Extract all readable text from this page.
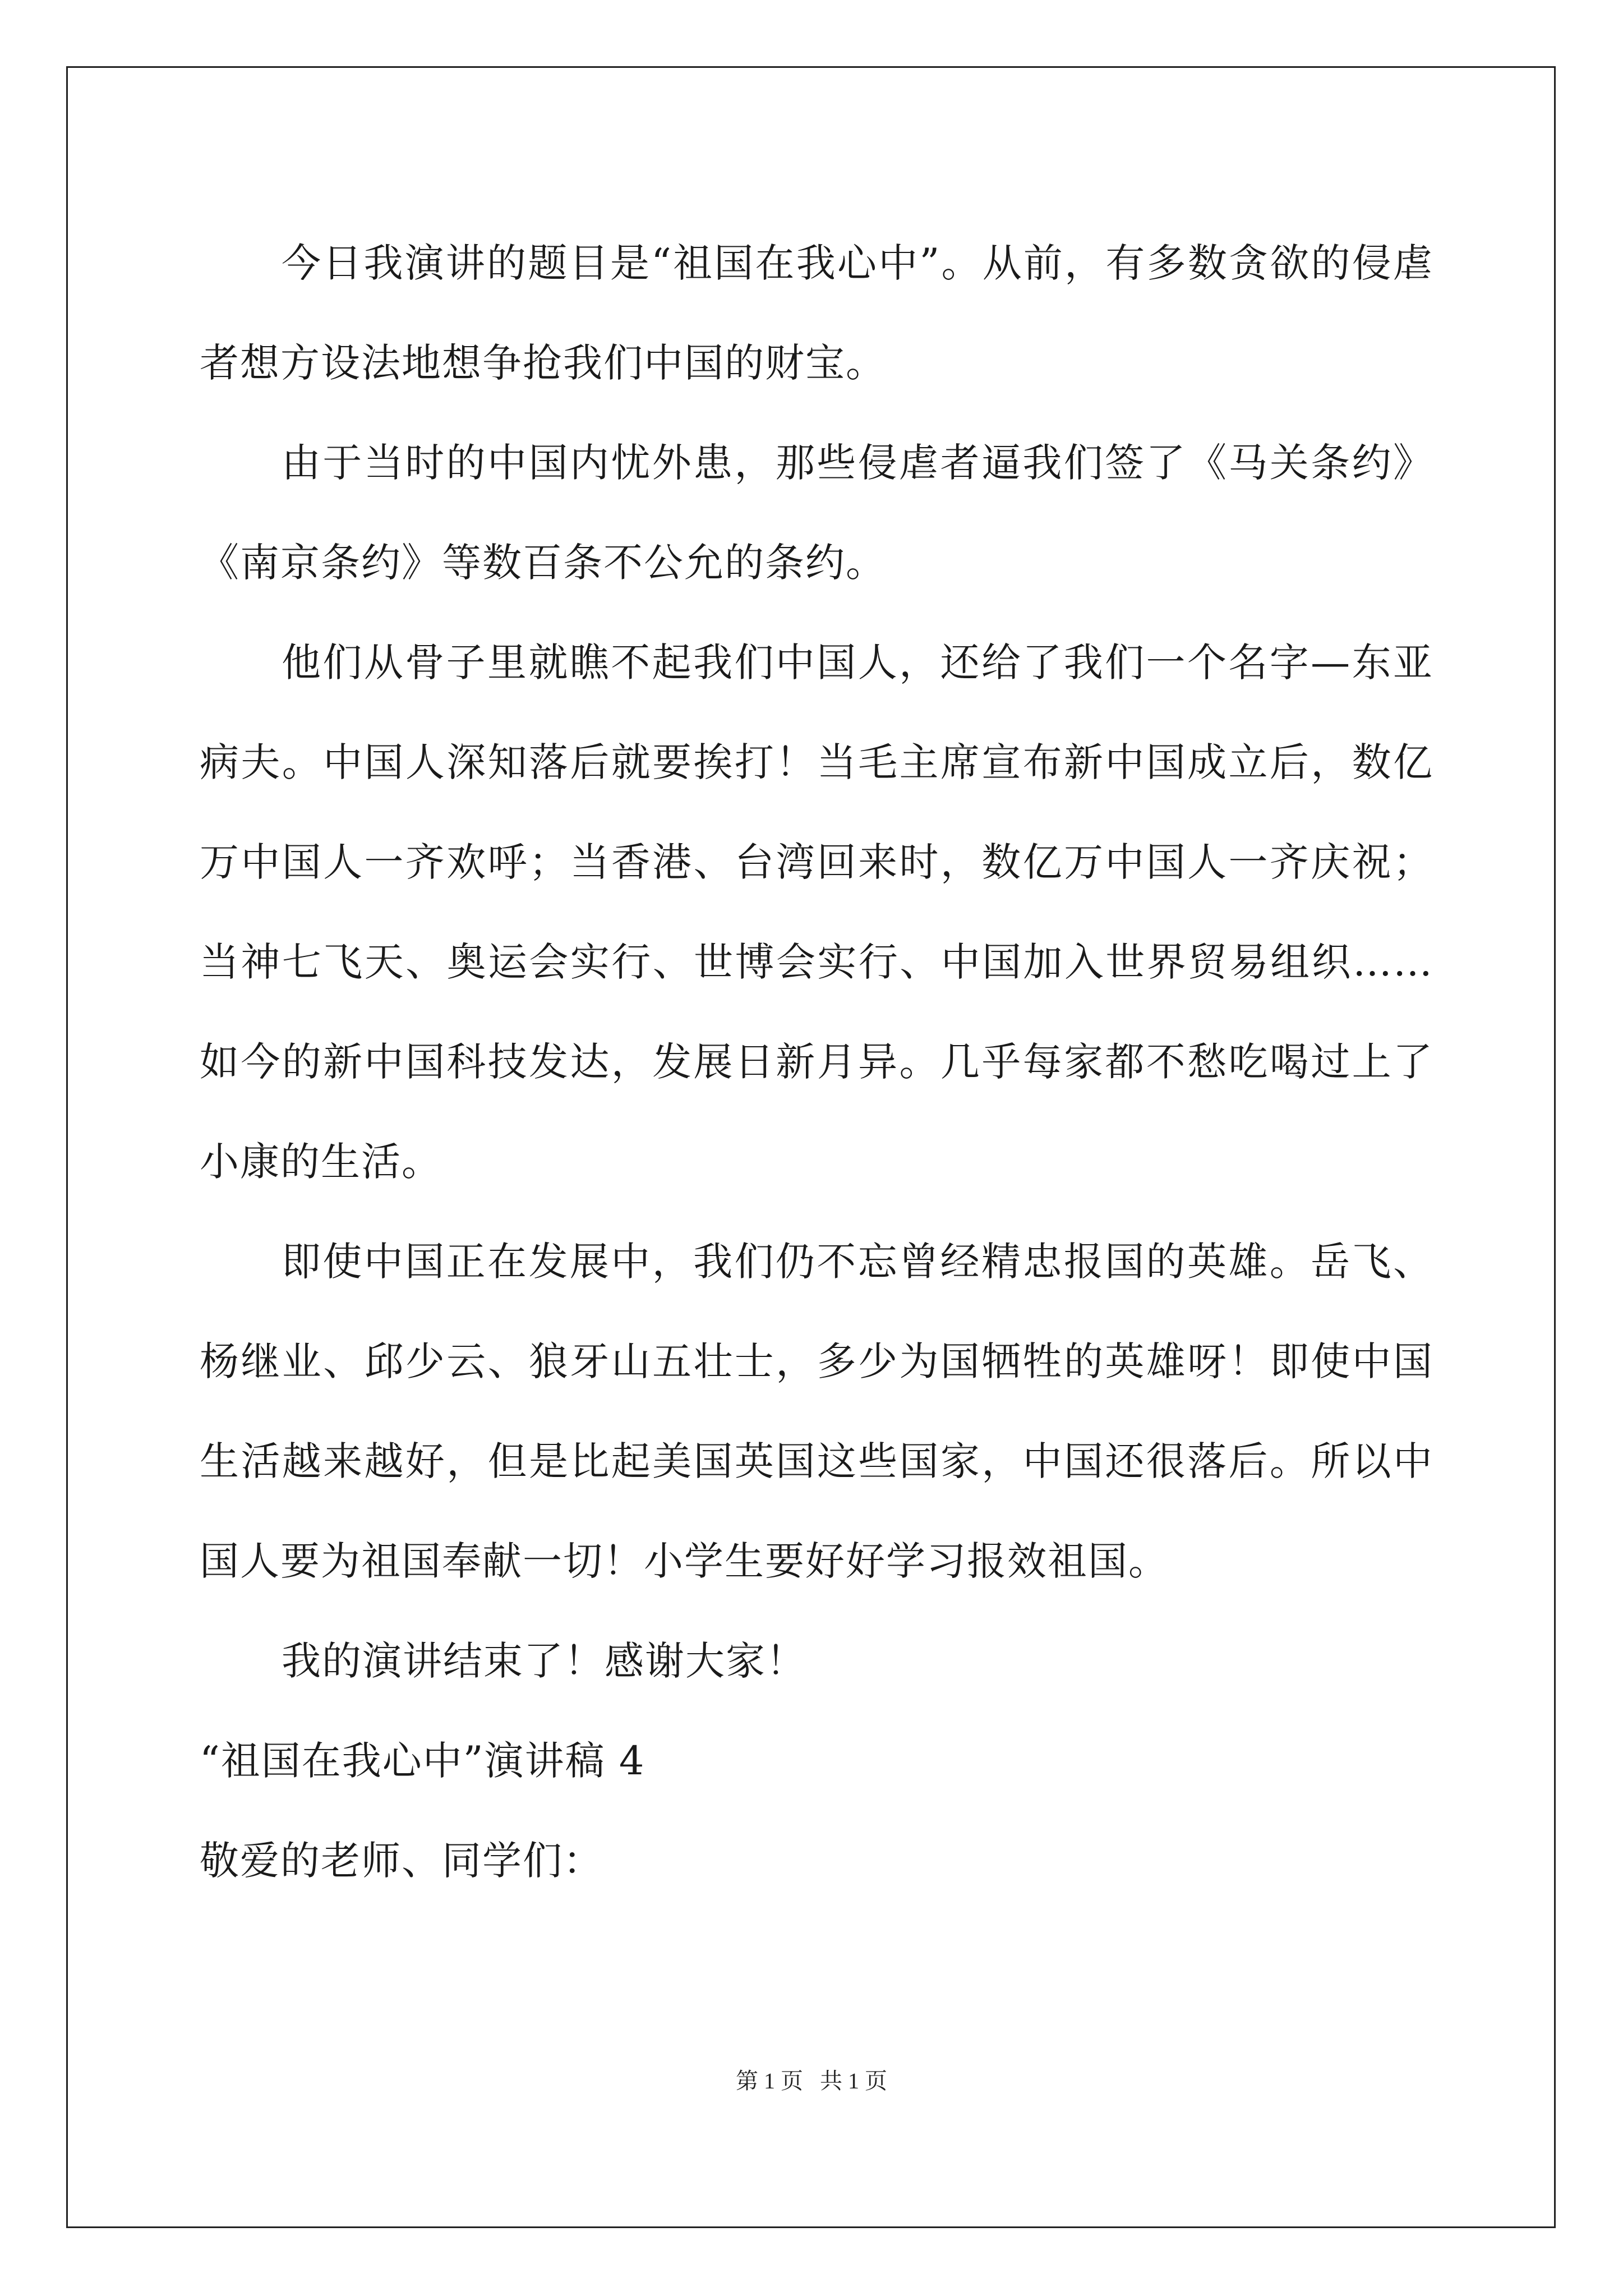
今日我演讲的题目是“祖国在我心中”。从前，有多数贪欲的侵虐者想方设法地想争抢我们中国的财宝。

由于当时的中国内忧外患，那些侵虐者逼我们签了《马关条约》《南京条约》等数百条不公允的条约。

他们从骨子里就瞧不起我们中国人，还给了我们一个名字—东亚病夫。中国人深知落后就要挨打！当毛主席宣布新中国成立后，数亿万中国人一齐欢呼；当香港、台湾回来时，数亿万中国人一齐庆祝；当神七飞天、奥运会实行、世博会实行、中国加入世界贸易组织……如今的新中国科技发达，发展日新月异。几乎每家都不愁吃喝过上了小康的生活。

即使中国正在发展中，我们仍不忘曾经精忠报国的英雄。岳飞、杨继业、邱少云、狼牙山五壮士，多少为国牺牲的英雄呀！即使中国生活越来越好，但是比起美国英国这些国家，中国还很落后。所以中国人要为祖国奉献一切！小学生要好好学习报效祖国。

我的演讲结束了！感谢大家！

“祖国在我心中”演讲稿 4

敬爱的老师、同学们：

第 1 页 共 1 页
